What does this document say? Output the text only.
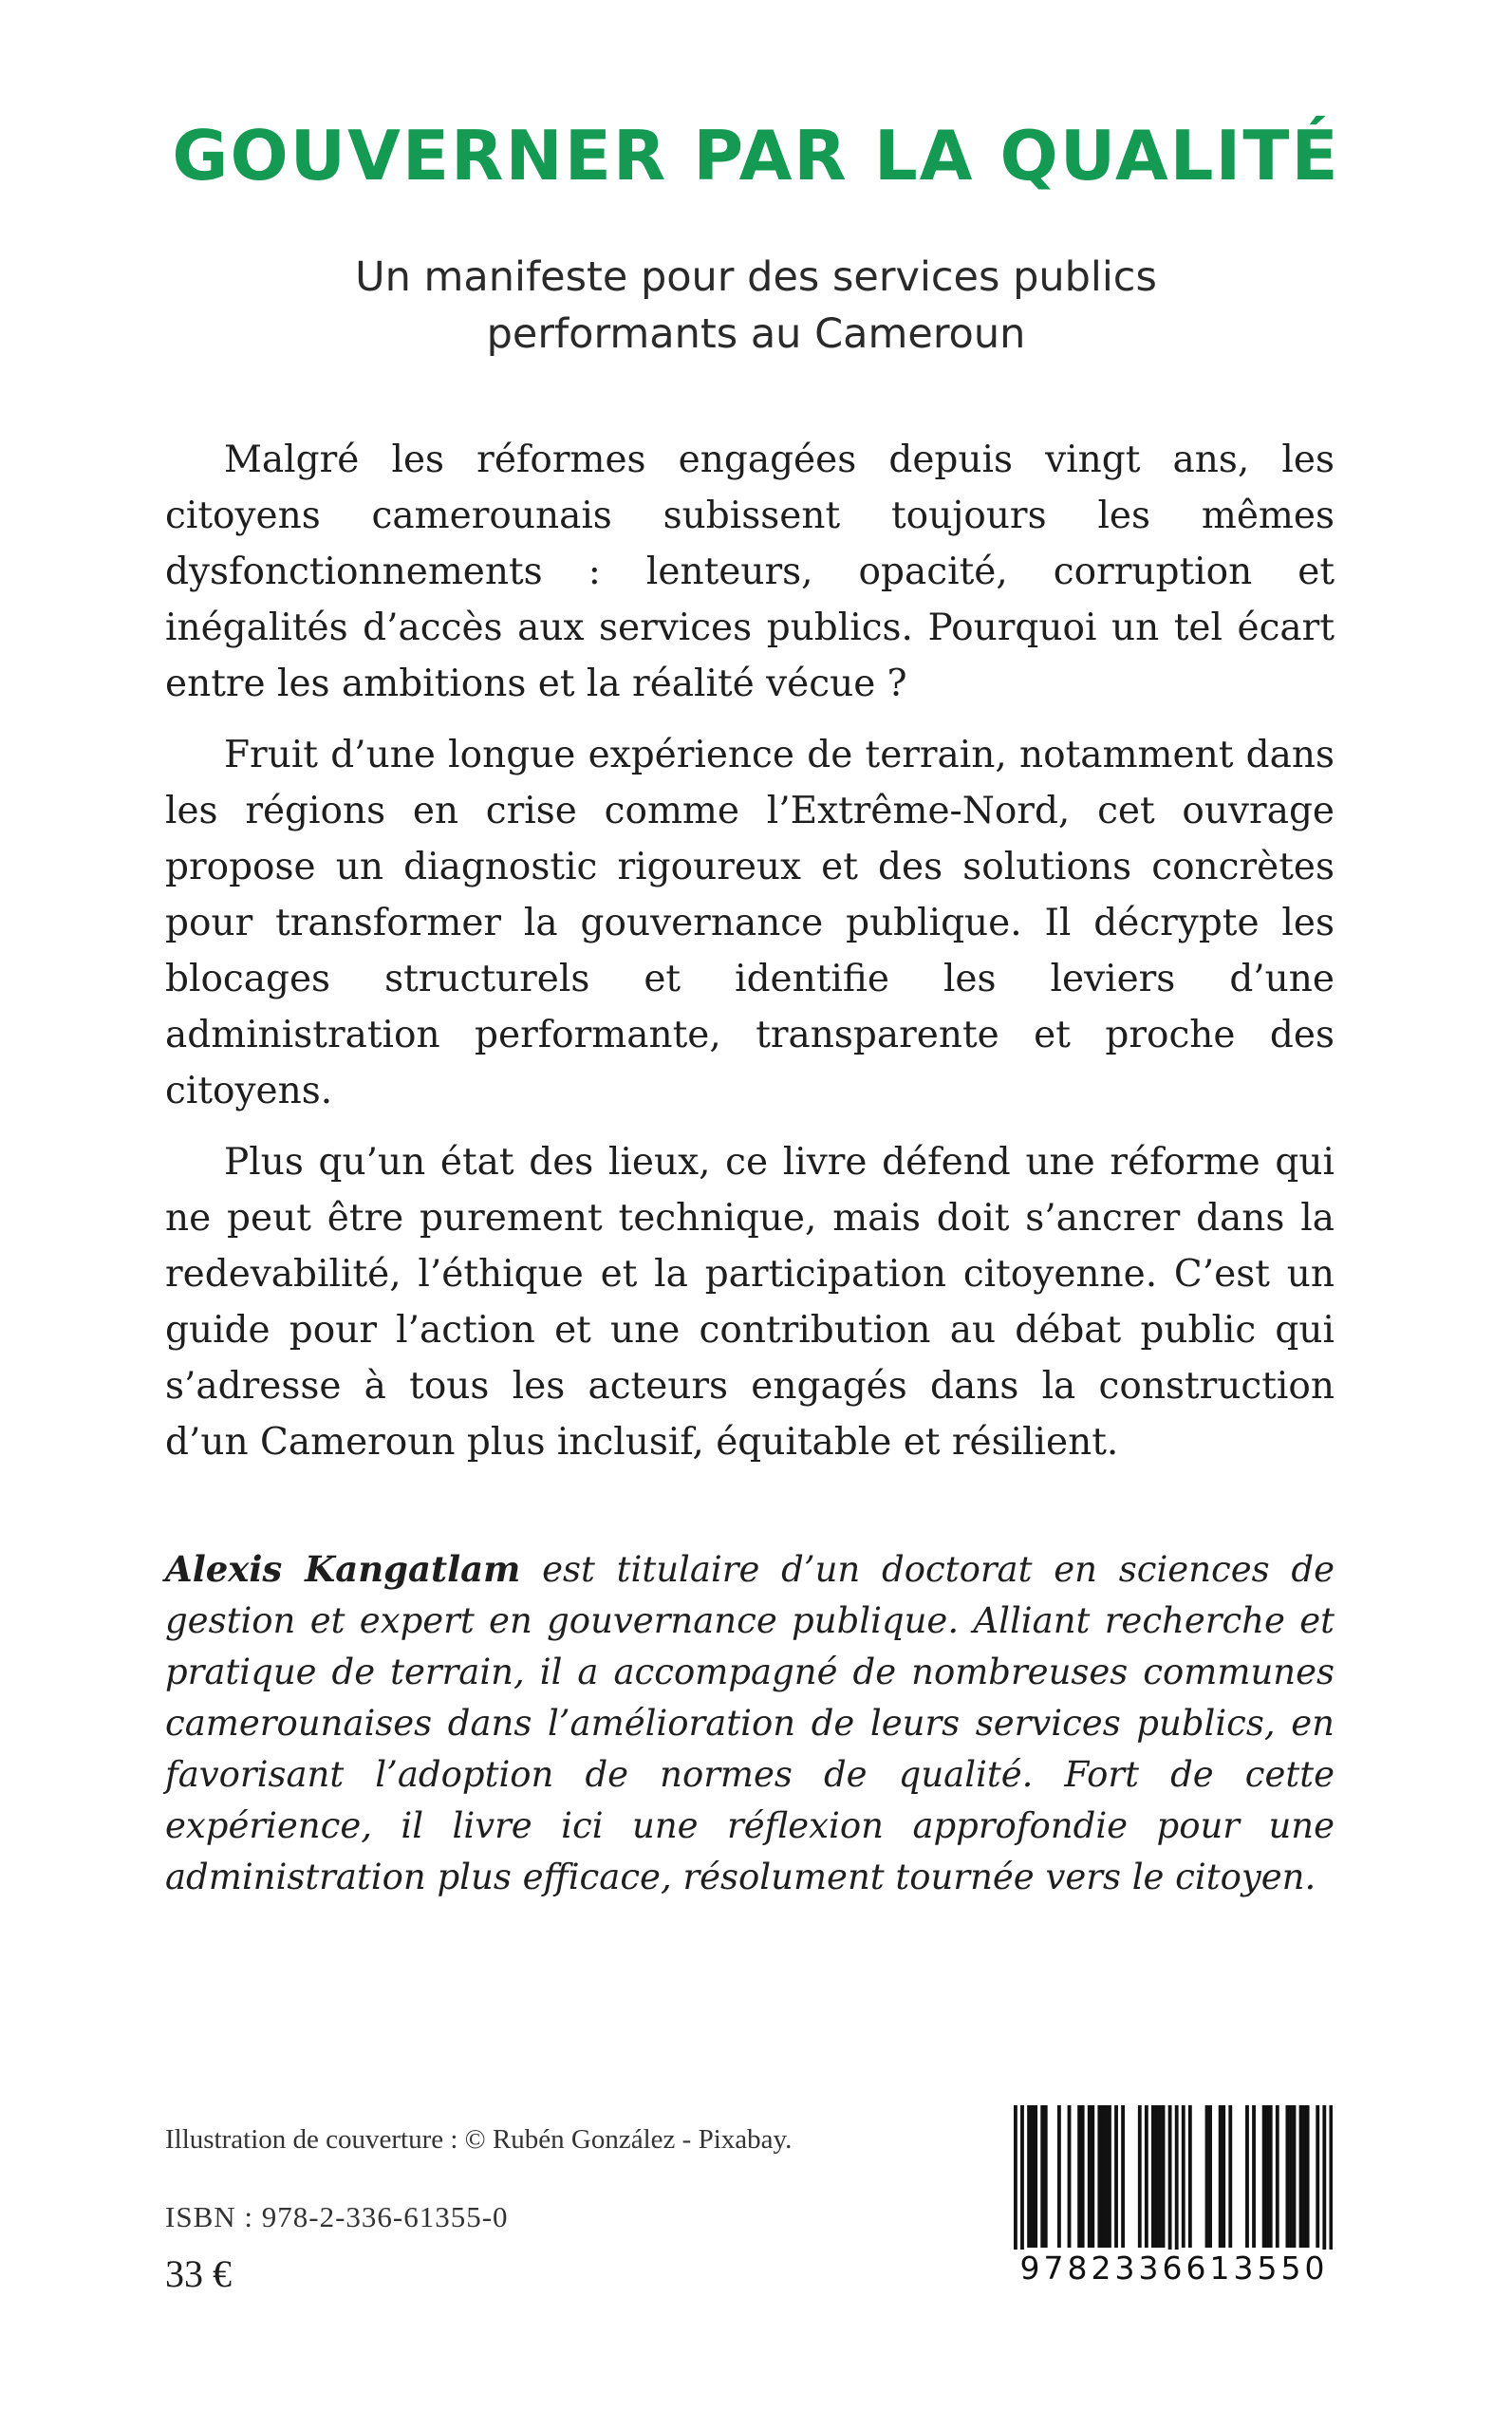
GOUVERNER PAR LA QUALITÉ
Un manifeste pour des services publics
performants au Cameroun

Malgré les réformes engagées depuis vingt ans, les citoyens camerounais subissent toujours les mêmes dysfonctionnements : lenteurs, opacité, corruption et inégalités d’accès aux services publics. Pourquoi un tel écart entre les ambitions et la réalité vécue ?

Fruit d’une longue expérience de terrain, notamment dans les régions en crise comme l’Extrême-Nord, cet ouvrage propose un diagnostic rigoureux et des solutions concrètes pour transformer la gouvernance publique. Il décrypte les blocages structurels et identifie les leviers d’une administration performante, transparente et proche des citoyens.

Plus qu’un état des lieux, ce livre défend une réforme qui ne peut être purement technique, mais doit s’ancrer dans la redevabilité, l’éthique et la participation citoyenne. C’est un guide pour l’action et une contribution au débat public qui s’adresse à tous les acteurs engagés dans la construction d’un Cameroun plus inclusif, équitable et résilient.

Alexis Kangatlam est titulaire d’un doctorat en sciences de gestion et expert en gouvernance publique. Alliant recherche et pratique de terrain, il a accompagné de nombreuses communes camerounaises dans l’amélioration de leurs services publics, en favorisant l’adoption de normes de qualité. Fort de cette expérience, il livre ici une réflexion approfondie pour une administration plus efficace, résolument tournée vers le citoyen.

Illustration de couverture : © Rubén González - Pixabay.

ISBN : 978-2-336-61355-0

33 €	9782336613550
